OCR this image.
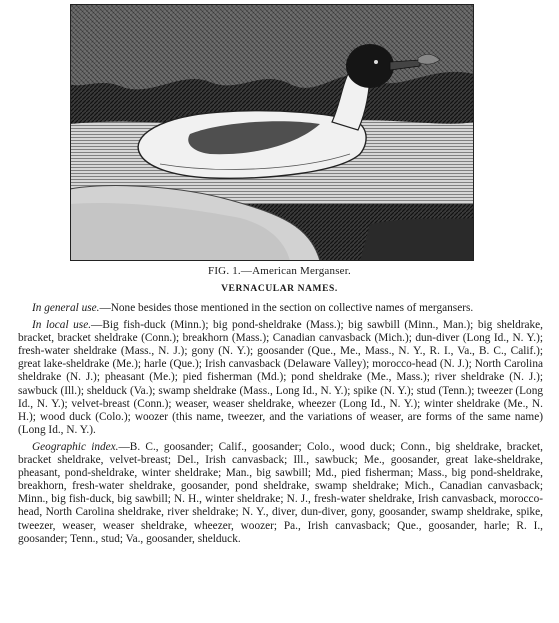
FIG. 1.—American Merganser.
VERNACULAR NAMES.

In general use.—None besides those mentioned in the section on collective names of mergansers.

In local use.—Big fish-duck (Minn.); big pond-sheldrake (Mass.); big sawbill (Minn., Man.); big sheldrake, bracket, bracket sheldrake (Conn.); breakhorn (Mass.); Canadian canvasback (Mich.); dun-diver (Long Id., N. Y.); fresh-water sheldrake (Mass., N. J.); gony (N. Y.); goosander (Que., Me., Mass., N. Y., R. I., Va., B. C., Calif.); great lake-sheldrake (Me.); harle (Que.); Irish canvasback (Delaware Valley); morocco-head (N. J.); North Carolina sheldrake (N. J.); pheasant (Me.); pied fisherman (Md.); pond sheldrake (Me., Mass.); river sheldrake (N. J.); sawbuck (Ill.); shelduck (Va.); swamp sheldrake (Mass., Long Id., N. Y.); spike (N. Y.); stud (Tenn.); tweezer (Long Id., N. Y.); velvet-breast (Conn.); weaser, weaser sheldrake, wheezer (Long Id., N. Y.); winter sheldrake (Me., N. H.); wood duck (Colo.); woozer (this name, tweezer, and the variations of weaser, are forms of the same name) (Long Id., N. Y.).

Geographic index.—B. C., goosander; Calif., goosander; Colo., wood duck; Conn., big sheldrake, bracket, bracket sheldrake, velvet-breast; Del., Irish canvasback; Ill., sawbuck; Me., goosander, great lake-sheldrake, pheasant, pond-sheldrake, winter sheldrake; Man., big sawbill; Md., pied fisherman; Mass., big pond-sheldrake, breakhorn, fresh-water sheldrake, goosander, pond sheldrake, swamp sheldrake; Mich., Canadian canvasback; Minn., big fish-duck, big sawbill; N. H., winter sheldrake; N. J., fresh-water sheldrake, Irish canvasback, morocco-head, North Carolina sheldrake, river sheldrake; N. Y., diver, dun-diver, gony, goosander, swamp sheldrake, spike, tweezer, weaser, weaser sheldrake, wheezer, woozer; Pa., Irish canvasback; Que., goosander, harle; R. I., goosander; Tenn., stud; Va., goosander, shelduck.
